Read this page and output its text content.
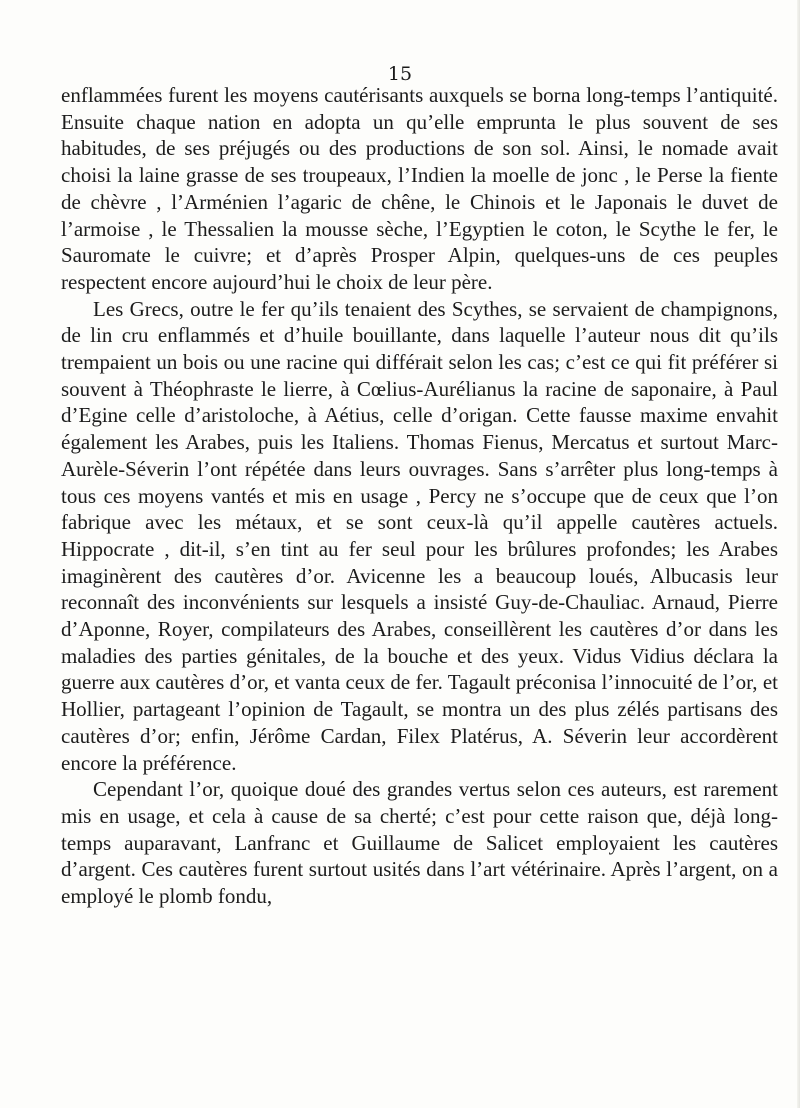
15

enflammées furent les moyens cautérisants auxquels se borna long-temps l’antiquité. Ensuite chaque nation en adopta un qu’elle emprunta le plus souvent de ses habitudes, de ses préjugés ou des productions de son sol. Ainsi, le nomade avait choisi la laine grasse de ses troupeaux, l’Indien la moelle de jonc , le Perse la fiente de chèvre , l’Arménien l’agaric de chêne, le Chinois et le Japonais le duvet de l’armoise , le Thessalien la mousse sèche, l’Egyptien le coton, le Scythe le fer, le Sauromate le cuivre; et d’après Prosper Alpin, quelques-uns de ces peuples respectent encore aujourd’hui le choix de leur père.

Les Grecs, outre le fer qu’ils tenaient des Scythes, se servaient de champignons, de lin cru enflammés et d’huile bouillante, dans laquelle l’auteur nous dit qu’ils trempaient un bois ou une racine qui différait selon les cas; c’est ce qui fit préférer si souvent à Théophraste le lierre, à Cœlius-Aurélianus la racine de saponaire, à Paul d’Egine celle d’aristoloche, à Aétius, celle d’origan. Cette fausse maxime envahit également les Arabes, puis les Italiens. Thomas Fienus, Mercatus et surtout Marc-Aurèle-Séverin l’ont répétée dans leurs ouvrages. Sans s’arrêter plus long-temps à tous ces moyens vantés et mis en usage , Percy ne s’occupe que de ceux que l’on fabrique avec les métaux, et se sont ceux-là qu’il appelle cautères actuels. Hippocrate , dit-il, s’en tint au fer seul pour les brûlures profondes; les Arabes imaginèrent des cautères d’or. Avicenne les a beaucoup loués, Albucasis leur reconnaît des inconvénients sur lesquels a insisté Guy-de-Chauliac. Arnaud, Pierre d’Aponne, Royer, compilateurs des Arabes, conseillèrent les cautères d’or dans les maladies des parties génitales, de la bouche et des yeux. Vidus Vidius déclara la guerre aux cautères d’or, et vanta ceux de fer. Tagault préconisa l’innocuité de l’or, et Hollier, partageant l’opinion de Tagault, se montra un des plus zélés partisans des cautères d’or; enfin, Jérôme Cardan, Filex Platérus, A. Séverin leur accordèrent encore la préférence.

Cependant l’or, quoique doué des grandes vertus selon ces auteurs, est rarement mis en usage, et cela à cause de sa cherté; c’est pour cette raison que, déjà long-temps auparavant, Lanfranc et Guillaume de Salicet employaient les cautères d’argent. Ces cautères furent surtout usités dans l’art vétérinaire. Après l’argent, on a employé le plomb fondu,
